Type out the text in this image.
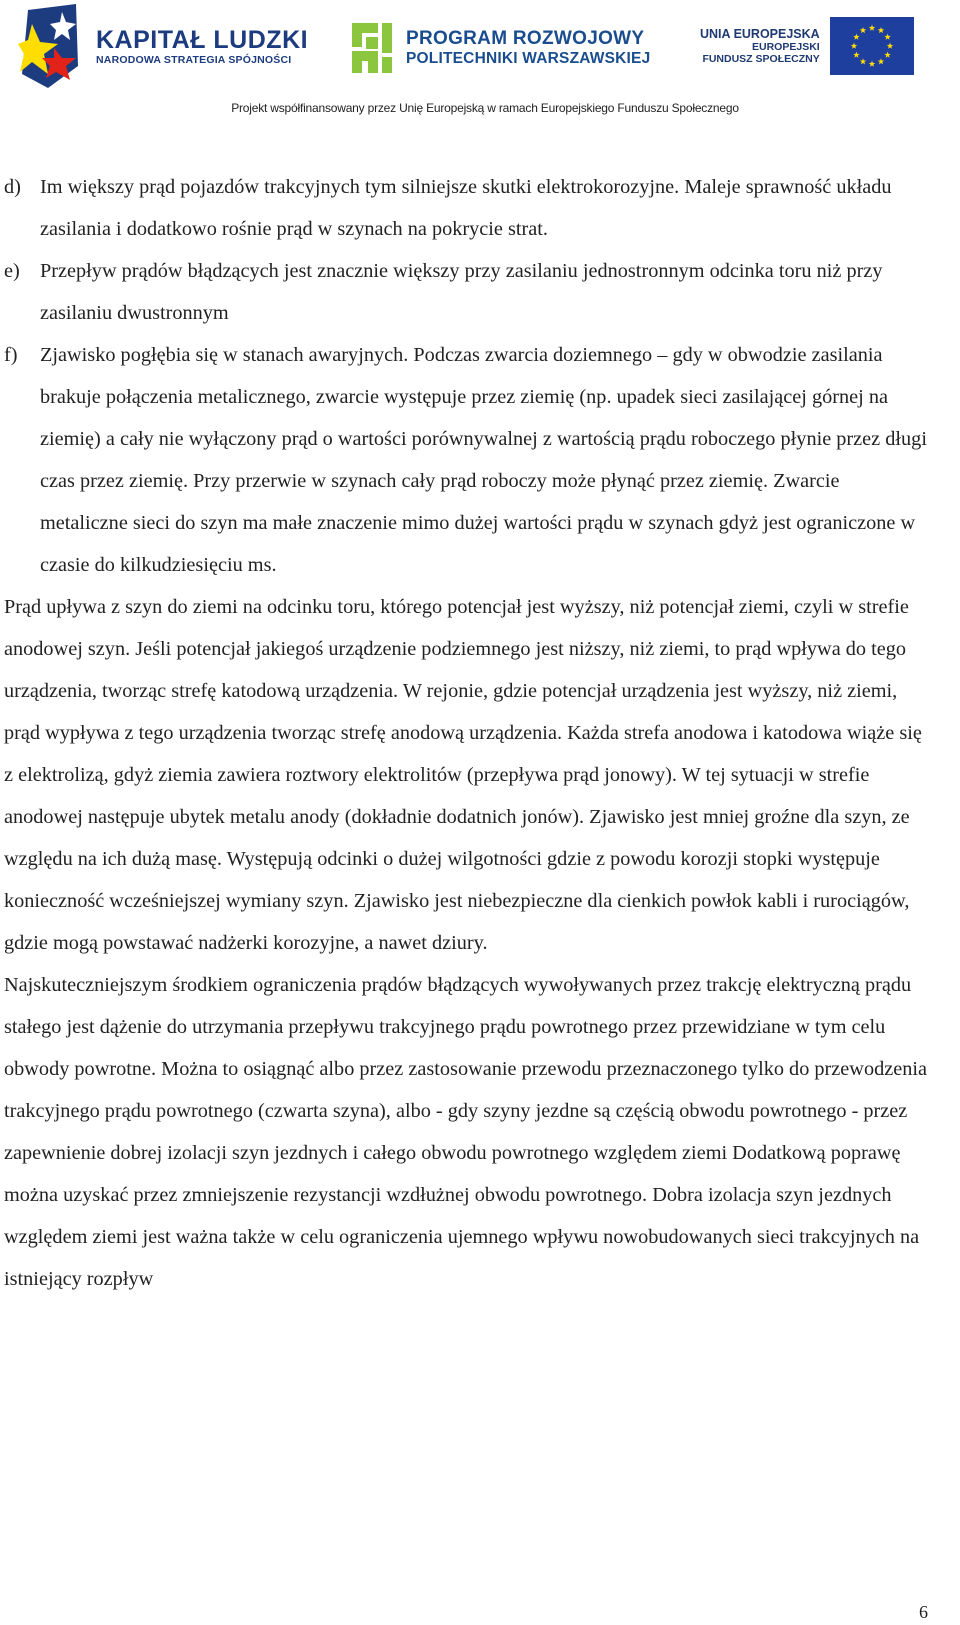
KAPITAŁ LUDZKI
NARODOWA STRATEGIA SPÓJNOŚCI
PROGRAM ROZWOJOWY
POLITECHNIKI WARSZAWSKIEJ
UNIA EUROPEJSKA
EUROPEJSKI
FUNDUSZ SPOŁECZNY
Projekt współfinansowany przez Unię Europejską w ramach Europejskiego Funduszu Społecznego
d) Im większy prąd pojazdów trakcyjnych tym silniejsze skutki elektrokorozyjne. Maleje sprawność układu zasilania i dodatkowo rośnie prąd w szynach na pokrycie strat.
e) Przepływ prądów błądzących jest znacznie większy przy zasilaniu jednostronnym odcinka toru niż przy zasilaniu dwustronnym
f)	Zjawisko pogłębia się w stanach awaryjnych. Podczas zwarcia doziemnego – gdy w obwodzie zasilania brakuje połączenia metalicznego, zwarcie występuje przez ziemię (np. upadek sieci zasilającej górnej na ziemię) a cały nie wyłączony prąd o wartości porównywalnej z wartością prądu roboczego płynie przez długi czas przez ziemię. Przy przerwie w szynach cały prąd roboczy może płynąć przez ziemię. Zwarcie metaliczne sieci do szyn ma małe znaczenie mimo dużej wartości prądu w szynach gdyż jest ograniczone w czasie do kilkudziesięciu ms.

Prąd upływa z szyn do ziemi na odcinku toru, którego potencjał jest wyższy, niż potencjał ziemi, czyli w strefie anodowej szyn. Jeśli potencjał jakiegoś urządzenie podziemnego jest niższy, niż ziemi, to prąd wpływa do tego urządzenia, tworząc strefę katodową urządzenia. W rejonie, gdzie potencjał urządzenia jest wyższy, niż ziemi, prąd wypływa z tego urządzenia tworząc strefę anodową urządzenia. Każda strefa anodowa i katodowa wiąże się z elektrolizą, gdyż ziemia zawiera roztwory elektrolitów (przepływa prąd jonowy). W tej sytuacji w strefie anodowej następuje ubytek metalu anody (dokładnie dodatnich jonów). Zjawisko jest mniej groźne dla szyn, ze względu na ich dużą masę. Występują odcinki o dużej wilgotności gdzie z powodu korozji stopki występuje konieczność wcześniejszej wymiany szyn. Zjawisko jest niebezpieczne dla cienkich powłok kabli i rurociągów, gdzie mogą powstawać nadżerki korozyjne, a nawet dziury.

Najskuteczniejszym środkiem ograniczenia prądów błądzących wywoływanych przez trakcję elektryczną prądu stałego jest dążenie do utrzymania przepływu trakcyjnego prądu powrotnego przez przewidziane w tym celu obwody powrotne. Można to osiągnąć albo przez zastosowanie przewodu przeznaczonego tylko do przewodzenia trakcyjnego prądu powrotnego (czwarta szyna), albo - gdy szyny jezdne są częścią obwodu powrotnego - przez zapewnienie dobrej izolacji szyn jezdnych i całego obwodu powrotnego względem ziemi Dodatkową poprawę można uzyskać przez zmniejszenie rezystancji wzdłużnej obwodu powrotnego. Dobra izolacja szyn jezdnych względem ziemi jest ważna także w celu ograniczenia ujemnego wpływu nowobudowanych sieci trakcyjnych na istniejący rozpływ

6
